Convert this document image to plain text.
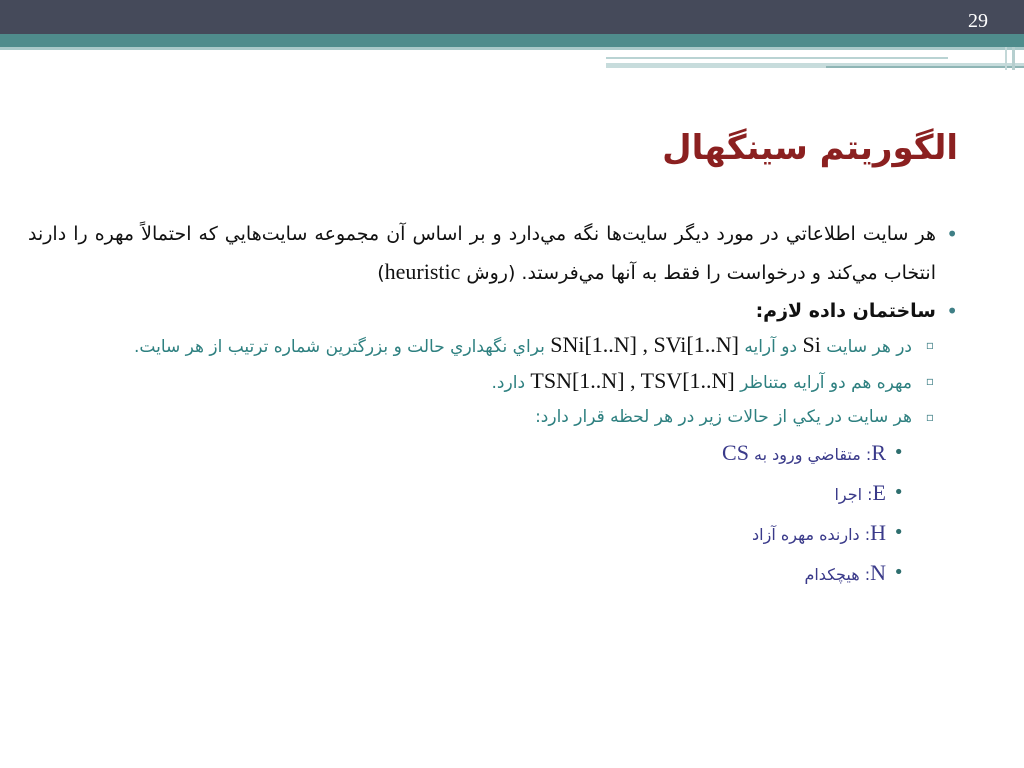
29
الگوريتم سينگهال
•
هر سايت اطلاعاتي در مورد ديگر سايت‌ها نگه مي‌دارد و بر اساس آن مجموعه سايت‌هايي كه احتمالاً مهره را دارند انتخاب مي‌كند و درخواست را فقط به آنها مي‌فرستد. (روش heuristic)
•
ساختمان داده لازم:
▫
در هر سايت Si دو آرايه SNi[1..N] , SVi[1..N] براي نگهداري حالت و بزرگترين شماره ترتيب از هر سايت.
▫
مهره هم دو آرايه متناظر TSN[1..N] , TSV[1..N] دارد.
▫
هر سايت در يكي از حالات زير در هر لحظه قرار دارد:
•
R: متقاضي ورود به CS
•
E: اجرا
•
H: دارنده مهره آزاد
•
N: هيچكدام
